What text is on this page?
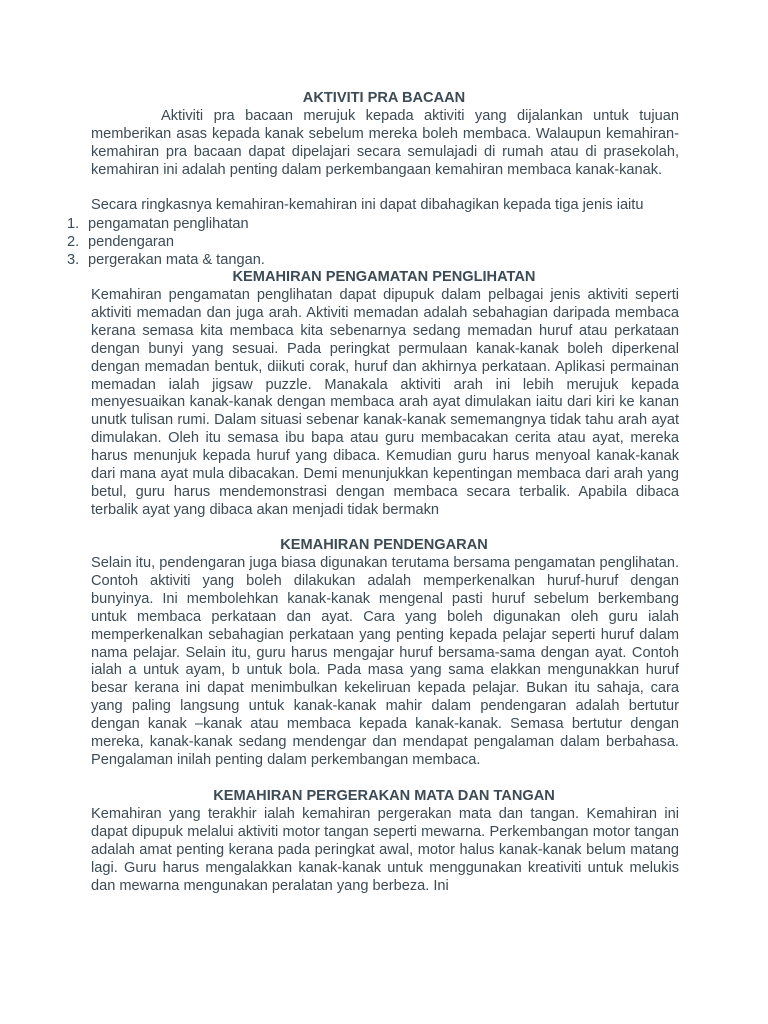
AKTIVITI PRA BACAAN

Aktiviti pra bacaan merujuk kepada aktiviti yang dijalankan untuk tujuan memberikan asas kepada kanak sebelum mereka boleh membaca. Walaupun kemahiran-kemahiran pra bacaan dapat dipelajari secara semulajadi di rumah atau di prasekolah, kemahiran ini adalah penting dalam perkembangaan kemahiran membaca kanak-kanak.

Secara ringkasnya kemahiran-kemahiran ini dapat dibahagikan kepada tiga jenis iaitu

1. pengamatan penglihatan
2. pendengaran
3. pergerakan mata & tangan.
KEMAHIRAN PENGAMATAN PENGLIHATAN

Kemahiran pengamatan penglihatan dapat dipupuk dalam pelbagai jenis aktiviti seperti aktiviti memadan dan juga arah. Aktiviti memadan adalah sebahagian daripada membaca kerana semasa kita membaca kita sebenarnya sedang memadan huruf atau perkataan dengan bunyi yang sesuai. Pada peringkat permulaan kanak-kanak boleh diperkenal dengan memadan bentuk, diikuti corak, huruf dan akhirnya perkataan. Aplikasi permainan memadan ialah jigsaw puzzle. Manakala aktiviti arah ini lebih merujuk kepada menyesuaikan kanak-kanak dengan membaca arah ayat dimulakan iaitu dari kiri ke kanan unutk tulisan rumi. Dalam situasi sebenar kanak-kanak sememangnya tidak tahu arah ayat dimulakan. Oleh itu semasa ibu bapa atau guru membacakan cerita atau ayat, mereka harus menunjuk kepada huruf yang dibaca. Kemudian guru harus menyoal kanak-kanak dari mana ayat mula dibacakan. Demi menunjukkan kepentingan membaca dari arah yang betul, guru harus mendemonstrasi dengan membaca secara terbalik. Apabila dibaca terbalik ayat yang dibaca akan menjadi tidak bermakn

KEMAHIRAN PENDENGARAN

Selain itu, pendengaran juga biasa digunakan terutama bersama pengamatan penglihatan. Contoh aktiviti yang boleh dilakukan adalah memperkenalkan huruf-huruf dengan bunyinya. Ini membolehkan kanak-kanak mengenal pasti huruf sebelum berkembang untuk membaca perkataan dan ayat. Cara yang boleh digunakan oleh guru ialah memperkenalkan sebahagian perkataan yang penting kepada pelajar seperti huruf dalam nama pelajar. Selain itu, guru harus mengajar huruf bersama-sama dengan ayat. Contoh ialah a untuk ayam, b untuk bola. Pada masa yang sama elakkan mengunakkan huruf besar kerana ini dapat menimbulkan kekeliruan kepada pelajar. Bukan itu sahaja, cara yang paling langsung untuk kanak-kanak mahir dalam pendengaran adalah bertutur dengan kanak –kanak atau membaca kepada kanak-kanak. Semasa bertutur dengan mereka, kanak-kanak sedang mendengar dan mendapat pengalaman dalam berbahasa. Pengalaman inilah penting dalam perkembangan membaca.

KEMAHIRAN PERGERAKAN MATA DAN TANGAN

Kemahiran yang terakhir ialah kemahiran pergerakan mata dan tangan. Kemahiran ini dapat dipupuk melalui aktiviti motor tangan seperti mewarna. Perkembangan motor tangan adalah amat penting kerana pada peringkat awal, motor halus kanak-kanak belum matang lagi. Guru harus mengalakkan kanak-kanak untuk menggunakan kreativiti untuk melukis dan mewarna mengunakan peralatan yang berbeza. Ini
